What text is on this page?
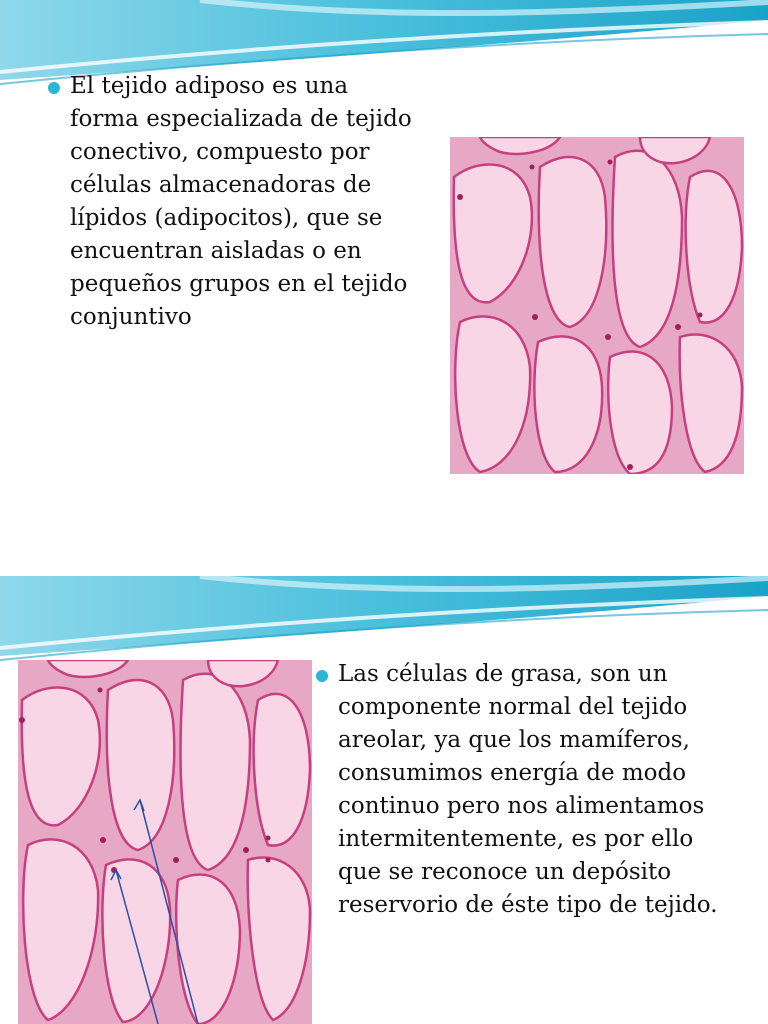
El tejido adiposo es una forma especializada de tejido conectivo, compuesto por células almacenadoras de lípidos (adipocitos), que se encuentran aisladas o en pequeños grupos en el tejido conjuntivo
Las células de grasa, son un componente normal del tejido areolar, ya que los mamíferos, consumimos energía de modo continuo pero nos alimentamos intermitentemente, es por ello que se reconoce un depósito reservorio de éste tipo de tejido.
